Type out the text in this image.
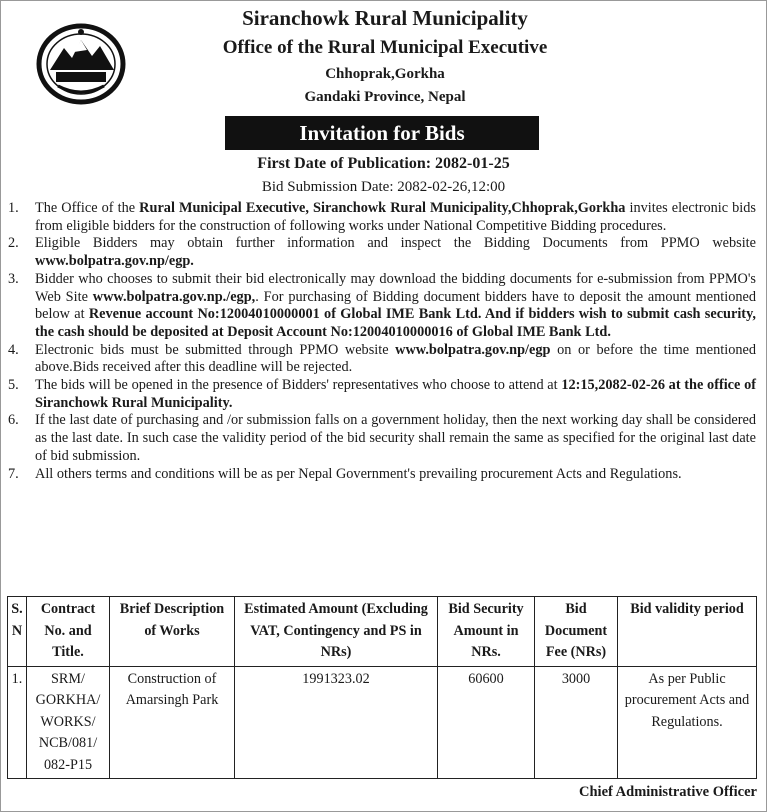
Siranchowk Rural Municipality
Office of the Rural Municipal Executive
Chhoprak,Gorkha
Gandaki Province, Nepal
Invitation for Bids
First Date of Publication: 2082-01-25
Bid Submission Date: 2082-02-26,12:00
1.	The Office of the Rural Municipal Executive, Siranchowk Rural Municipality,Chhoprak,Gorkha invites electronic bids from eligible bidders for the construction of following works under National Competitive Bidding procedures.
2.	Eligible Bidders may obtain further information and inspect the Bidding Documents from PPMO website www.bolpatra.gov.np/egp.
3.	Bidder who chooses to submit their bid electronically may download the bidding documents for e-submission from PPMO's Web Site www.bolpatra.gov.np./egp,. For purchasing of Bidding document bidders have to deposit the amount mentioned below at Revenue account No:12004010000001 of Global IME Bank Ltd. And if bidders wish to submit cash security, the cash should be deposited at Deposit Account No:12004010000016 of Global IME Bank Ltd.
4.	Electronic bids must be submitted through PPMO website www.bolpatra.gov.np/egp on or before the time mentioned above.Bids received after this deadline will be rejected.
5.	The bids will be opened in the presence of Bidders' representatives who choose to attend at 12:15,2082-02-26 at the office of Siranchowk Rural Municipality.
6.	If the last date of purchasing and /or submission falls on a government holiday, then the next working day shall be considered as the last date. In such case the validity period of the bid security shall remain the same as specified for the original last date of bid submission.
7.	All others terms and conditions will be as per Nepal Government's prevailing procurement Acts and Regulations.
S. N	Contract No. and Title.	Brief Description of Works	Estimated Amount (Excluding VAT, Contingency and PS in NRs)	Bid Security Amount in NRs.	Bid Document Fee (NRs)	Bid validity period
1.	SRM/ GORKHA/ WORKS/ NCB/081/ 082-P15	Construction of Amarsingh Park	1991323.02	60600	3000	As per Public procurement Acts and Regulations.
Chief Administrative Officer
